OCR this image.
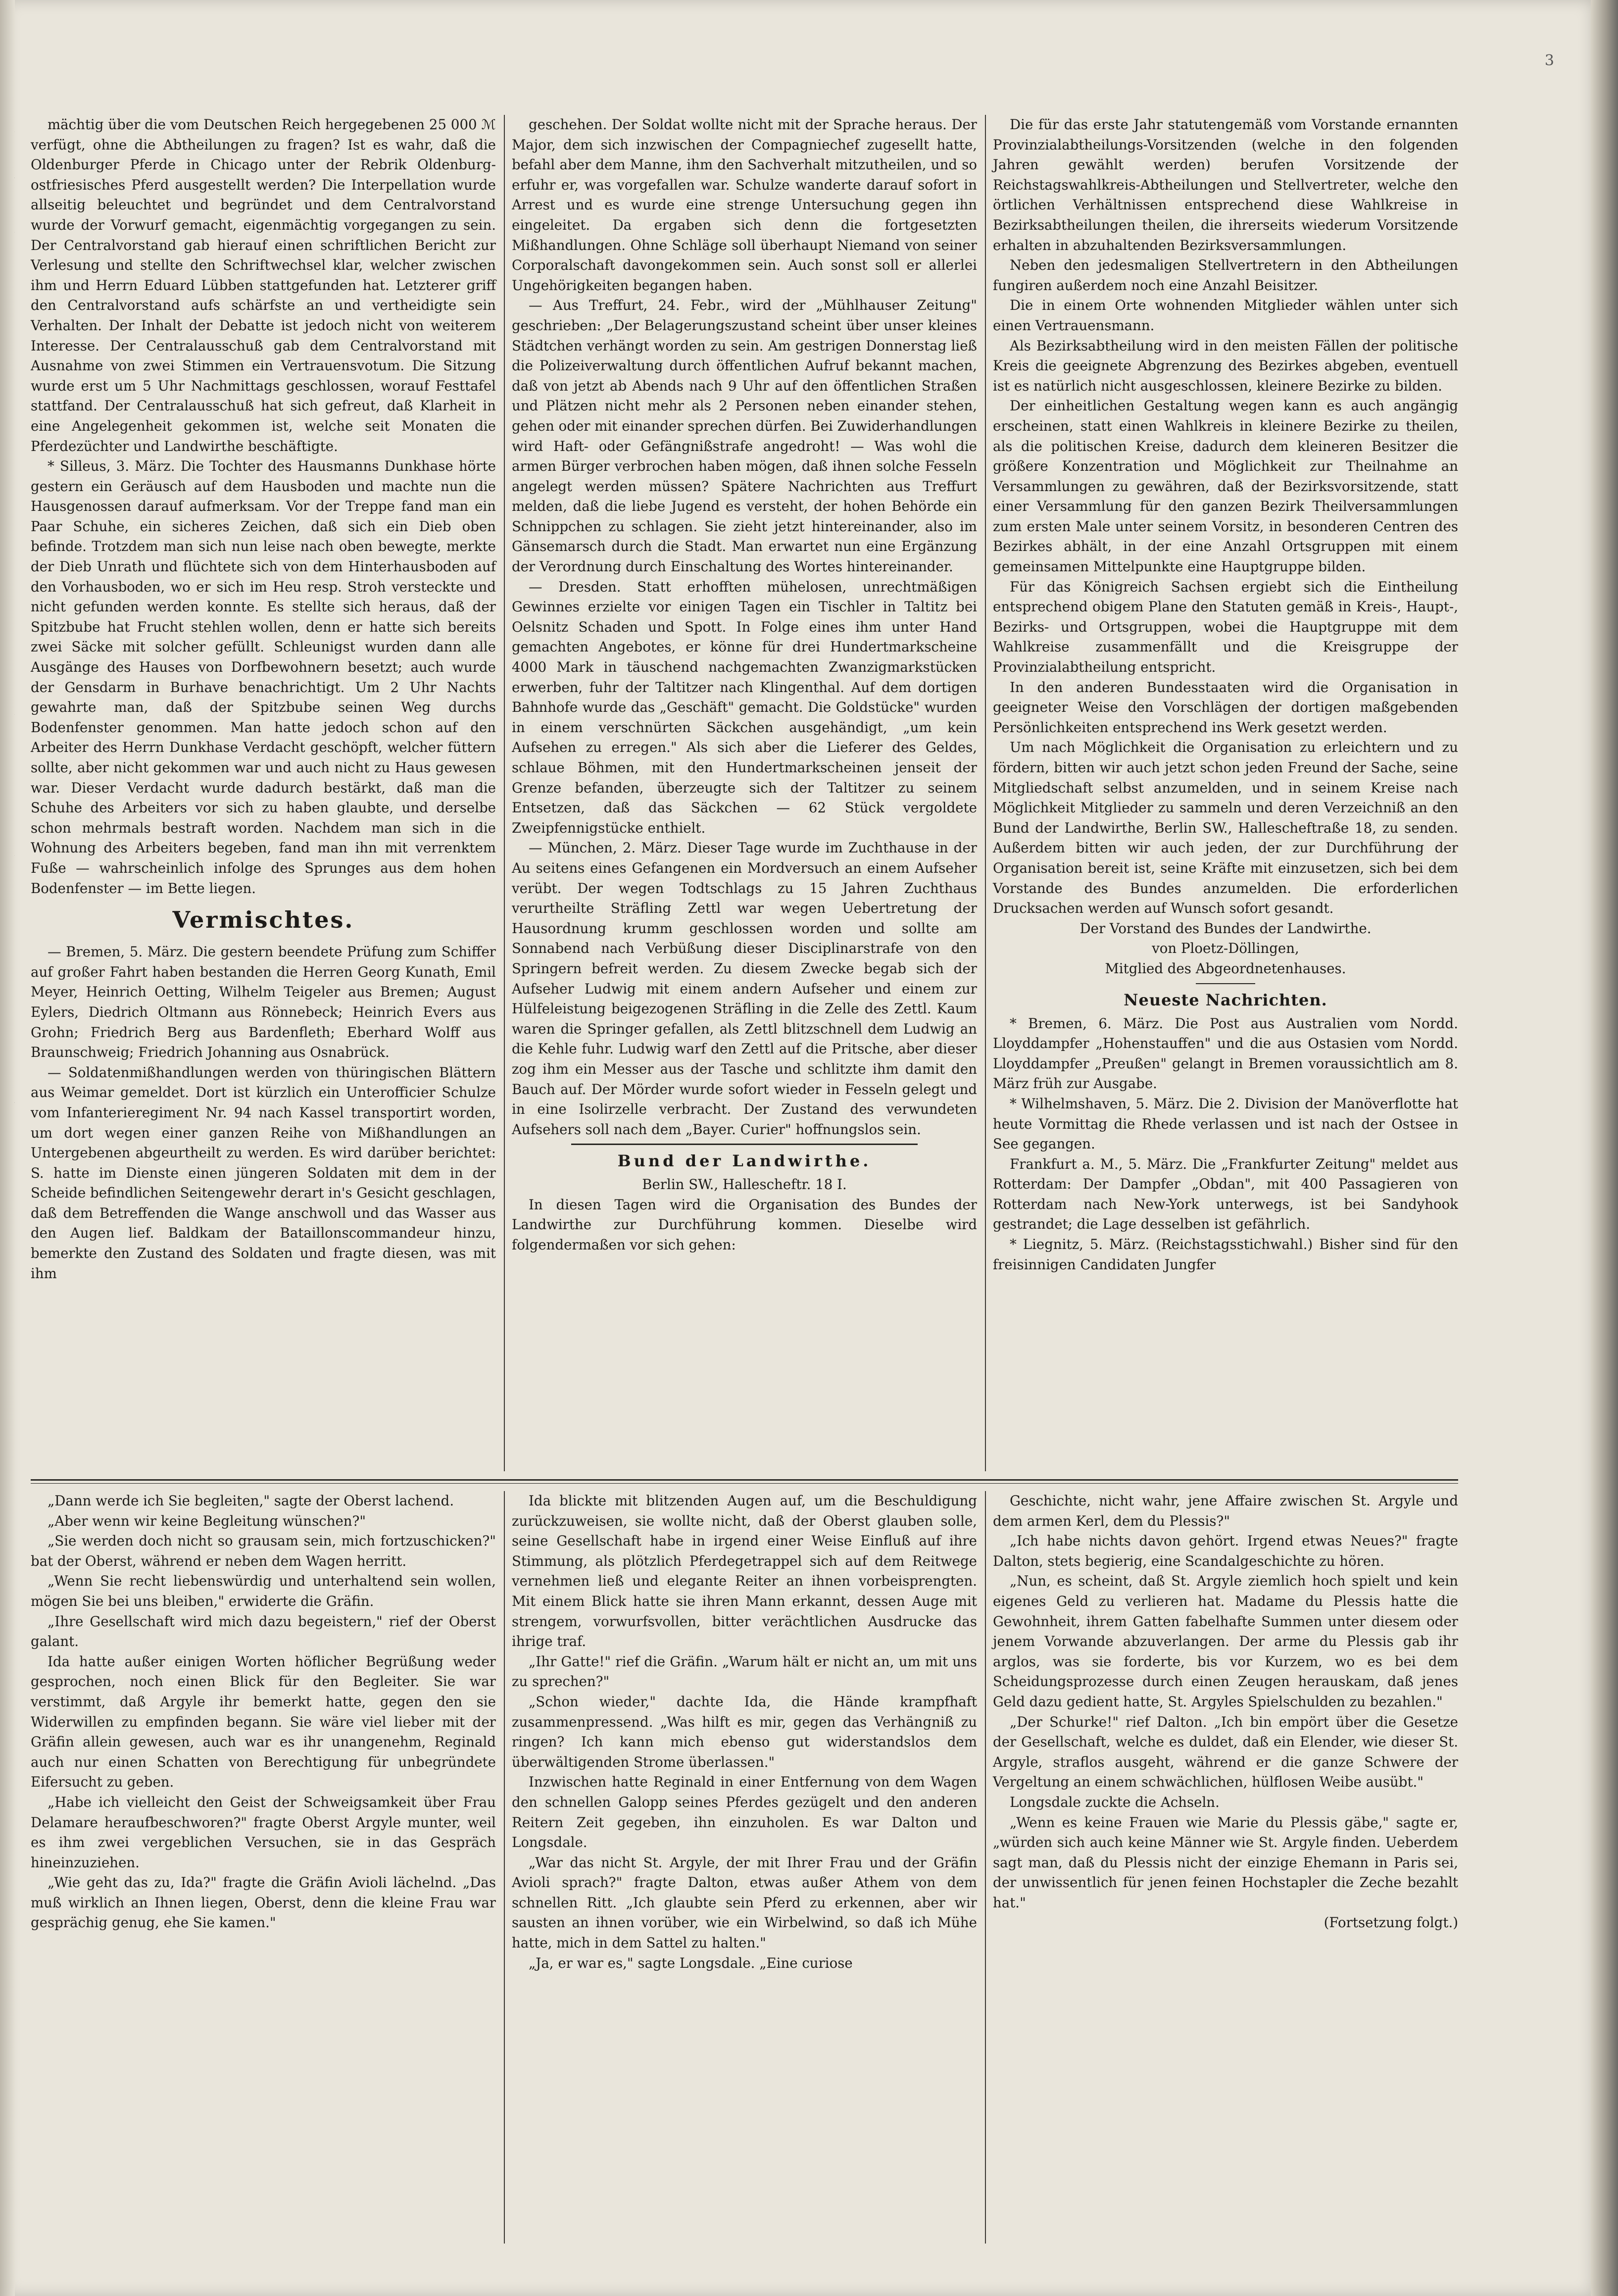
3

mächtig über die vom Deutschen Reich hergegebenen 25 000 ℳ verfügt, ohne die Abtheilungen zu fragen? Ist es wahr, daß die Oldenburger Pferde in Chicago unter der Rebrik Oldenburg-ostfriesisches Pferd ausgestellt werden? Die Interpellation wurde allseitig beleuchtet und begründet und dem Centralvorstand wurde der Vorwurf gemacht, eigenmächtig vorgegangen zu sein. Der Centralvorstand gab hierauf einen schriftlichen Bericht zur Verlesung und stellte den Schriftwechsel klar, welcher zwischen ihm und Herrn Eduard Lübben stattgefunden hat. Letzterer griff den Centralvorstand aufs schärfste an und vertheidigte sein Verhalten. Der Inhalt der Debatte ist jedoch nicht von weiterem Interesse. Der Centralausschuß gab dem Centralvorstand mit Ausnahme von zwei Stimmen ein Vertrauensvotum. Die Sitzung wurde erst um 5 Uhr Nachmittags geschlossen, worauf Festtafel stattfand. Der Centralausschuß hat sich gefreut, daß Klarheit in eine Angelegenheit gekommen ist, welche seit Monaten die Pferdezüchter und Landwirthe beschäftigte.

* Silleus, 3. März. Die Tochter des Hausmanns Dunkhase hörte gestern ein Geräusch auf dem Hausboden und machte nun die Hausgenossen darauf aufmerksam. Vor der Treppe fand man ein Paar Schuhe, ein sicheres Zeichen, daß sich ein Dieb oben befinde. Trotzdem man sich nun leise nach oben bewegte, merkte der Dieb Unrath und flüchtete sich von dem Hinterhausboden auf den Vorhausboden, wo er sich im Heu resp. Stroh versteckte und nicht gefunden werden konnte. Es stellte sich heraus, daß der Spitzbube hat Frucht stehlen wollen, denn er hatte sich bereits zwei Säcke mit solcher gefüllt. Schleunigst wurden dann alle Ausgänge des Hauses von Dorfbewohnern besetzt; auch wurde der Gensdarm in Burhave benachrichtigt. Um 2 Uhr Nachts gewahrte man, daß der Spitzbube seinen Weg durchs Bodenfenster genommen. Man hatte jedoch schon auf den Arbeiter des Herrn Dunkhase Verdacht geschöpft, welcher füttern sollte, aber nicht gekommen war und auch nicht zu Haus gewesen war. Dieser Verdacht wurde dadurch bestärkt, daß man die Schuhe des Arbeiters vor sich zu haben glaubte, und derselbe schon mehrmals bestraft worden. Nachdem man sich in die Wohnung des Arbeiters begeben, fand man ihn mit verrenktem Fuße — wahrscheinlich infolge des Sprunges aus dem hohen Bodenfenster — im Bette liegen.

Vermischtes.

— Bremen, 5. März. Die gestern beendete Prüfung zum Schiffer auf großer Fahrt haben bestanden die Herren Georg Kunath, Emil Meyer, Heinrich Oetting, Wilhelm Teigeler aus Bremen; August Eylers, Diedrich Oltmann aus Rönnebeck; Heinrich Evers aus Grohn; Friedrich Berg aus Bardenfleth; Eberhard Wolff aus Braunschweig; Friedrich Johanning aus Osnabrück.

— Soldatenmißhandlungen werden von thüringischen Blättern aus Weimar gemeldet. Dort ist kürzlich ein Unterofficier Schulze vom Infanterieregiment Nr. 94 nach Kassel transportirt worden, um dort wegen einer ganzen Reihe von Mißhandlungen an Untergebenen abgeurtheilt zu werden. Es wird darüber berichtet: S. hatte im Dienste einen jüngeren Soldaten mit dem in der Scheide befindlichen Seitengewehr derart in's Gesicht geschlagen, daß dem Betreffenden die Wange anschwoll und das Wasser aus den Augen lief. Baldkam der Bataillonscommandeur hinzu, bemerkte den Zustand des Soldaten und fragte diesen, was mit ihm

geschehen. Der Soldat wollte nicht mit der Sprache heraus. Der Major, dem sich inzwischen der Compagniechef zugesellt hatte, befahl aber dem Manne, ihm den Sachverhalt mitzutheilen, und so erfuhr er, was vorgefallen war. Schulze wanderte darauf sofort in Arrest und es wurde eine strenge Untersuchung gegen ihn eingeleitet. Da ergaben sich denn die fortgesetzten Mißhandlungen. Ohne Schläge soll überhaupt Niemand von seiner Corporalschaft davongekommen sein. Auch sonst soll er allerlei Ungehörigkeiten begangen haben.

— Aus Treffurt, 24. Febr., wird der „Mühlhauser Zeitung" geschrieben: „Der Belagerungszustand scheint über unser kleines Städtchen verhängt worden zu sein. Am gestrigen Donnerstag ließ die Polizeiverwaltung durch öffentlichen Aufruf bekannt machen, daß von jetzt ab Abends nach 9 Uhr auf den öffentlichen Straßen und Plätzen nicht mehr als 2 Personen neben einander stehen, gehen oder mit einander sprechen dürfen. Bei Zuwiderhandlungen wird Haft- oder Gefängnißstrafe angedroht! — Was wohl die armen Bürger verbrochen haben mögen, daß ihnen solche Fesseln angelegt werden müssen? Spätere Nachrichten aus Treffurt melden, daß die liebe Jugend es versteht, der hohen Behörde ein Schnippchen zu schlagen. Sie zieht jetzt hintereinander, also im Gänsemarsch durch die Stadt. Man erwartet nun eine Ergänzung der Verordnung durch Einschaltung des Wortes hintereinander.

— Dresden. Statt erhofften mühelosen, unrechtmäßigen Gewinnes erzielte vor einigen Tagen ein Tischler in Taltitz bei Oelsnitz Schaden und Spott. In Folge eines ihm unter Hand gemachten Angebotes, er könne für drei Hundertmarkscheine 4000 Mark in täuschend nachgemachten Zwanzigmarkstücken erwerben, fuhr der Taltitzer nach Klingenthal. Auf dem dortigen Bahnhofe wurde das „Geschäft" gemacht. Die Goldstücke" wurden in einem verschnürten Säckchen ausgehändigt, „um kein Aufsehen zu erregen." Als sich aber die Lieferer des Geldes, schlaue Böhmen, mit den Hundertmarkscheinen jenseit der Grenze befanden, überzeugte sich der Taltitzer zu seinem Entsetzen, daß das Säckchen — 62 Stück vergoldete Zweipfennigstücke enthielt.

— München, 2. März. Dieser Tage wurde im Zuchthause in der Au seitens eines Gefangenen ein Mordversuch an einem Aufseher verübt. Der wegen Todtschlags zu 15 Jahren Zuchthaus verurtheilte Sträfling Zettl war wegen Uebertretung der Hausordnung krumm geschlossen worden und sollte am Sonnabend nach Verbüßung dieser Disciplinarstrafe von den Springern befreit werden. Zu diesem Zwecke begab sich der Aufseher Ludwig mit einem andern Aufseher und einem zur Hülfeleistung beigezogenen Sträfling in die Zelle des Zettl. Kaum waren die Springer gefallen, als Zettl blitzschnell dem Ludwig an die Kehle fuhr. Ludwig warf den Zettl auf die Pritsche, aber dieser zog ihm ein Messer aus der Tasche und schlitzte ihm damit den Bauch auf. Der Mörder wurde sofort wieder in Fesseln gelegt und in eine Isolirzelle verbracht. Der Zustand des verwundeten Aufsehers soll nach dem „Bayer. Curier" hoffnungslos sein.

Bund der Landwirthe.

Berlin SW., Hallescheftr. 18 I.

In diesen Tagen wird die Organisation des Bundes der Landwirthe zur Durchführung kommen. Dieselbe wird folgendermaßen vor sich gehen:

Die für das erste Jahr statutengemäß vom Vorstande ernannten Provinzialabtheilungs-Vorsitzenden (welche in den folgenden Jahren gewählt werden) berufen Vorsitzende der Reichstagswahlkreis-Abtheilungen und Stellvertreter, welche den örtlichen Verhältnissen entsprechend diese Wahlkreise in Bezirksabtheilungen theilen, die ihrerseits wiederum Vorsitzende erhalten in abzuhaltenden Bezirksversammlungen.

Neben den jedesmaligen Stellvertretern in den Abtheilungen fungiren außerdem noch eine Anzahl Beisitzer.

Die in einem Orte wohnenden Mitglieder wählen unter sich einen Vertrauensmann.

Als Bezirksabtheilung wird in den meisten Fällen der politische Kreis die geeignete Abgrenzung des Bezirkes abgeben, eventuell ist es natürlich nicht ausgeschlossen, kleinere Bezirke zu bilden.

Der einheitlichen Gestaltung wegen kann es auch angängig erscheinen, statt einen Wahlkreis in kleinere Bezirke zu theilen, als die politischen Kreise, dadurch dem kleineren Besitzer die größere Konzentration und Möglichkeit zur Theilnahme an Versammlungen zu gewähren, daß der Bezirksvorsitzende, statt einer Versammlung für den ganzen Bezirk Theilversammlungen zum ersten Male unter seinem Vorsitz, in besonderen Centren des Bezirkes abhält, in der eine Anzahl Ortsgruppen mit einem gemeinsamen Mittelpunkte eine Hauptgruppe bilden.

Für das Königreich Sachsen ergiebt sich die Eintheilung entsprechend obigem Plane den Statuten gemäß in Kreis-, Haupt-, Bezirks- und Ortsgruppen, wobei die Hauptgruppe mit dem Wahlkreise zusammenfällt und die Kreisgruppe der Provinzialabtheilung entspricht.

In den anderen Bundesstaaten wird die Organisation in geeigneter Weise den Vorschlägen der dortigen maßgebenden Persönlichkeiten entsprechend ins Werk gesetzt werden.

Um nach Möglichkeit die Organisation zu erleichtern und zu fördern, bitten wir auch jetzt schon jeden Freund der Sache, seine Mitgliedschaft selbst anzumelden, und in seinem Kreise nach Möglichkeit Mitglieder zu sammeln und deren Verzeichniß an den Bund der Landwirthe, Berlin SW., Hallescheftraße 18, zu senden. Außerdem bitten wir auch jeden, der zur Durchführung der Organisation bereit ist, seine Kräfte mit einzusetzen, sich bei dem Vorstande des Bundes anzumelden. Die erforderlichen Drucksachen werden auf Wunsch sofort gesandt.

Der Vorstand des Bundes der Landwirthe.

von Ploetz-Döllingen,

Mitglied des Abgeordnetenhauses.

Neueste Nachrichten.

* Bremen, 6. März. Die Post aus Australien vom Nordd. Lloyddampfer „Hohenstauffen" und die aus Ostasien vom Nordd. Lloyddampfer „Preußen" gelangt in Bremen voraussichtlich am 8. März früh zur Ausgabe.

* Wilhelmshaven, 5. März. Die 2. Division der Manöverflotte hat heute Vormittag die Rhede verlassen und ist nach der Ostsee in See gegangen.

Frankfurt a. M., 5. März. Die „Frankfurter Zeitung" meldet aus Rotterdam: Der Dampfer „Obdan", mit 400 Passagieren von Rotterdam nach New-York unterwegs, ist bei Sandyhook gestrandet; die Lage desselben ist gefährlich.

* Liegnitz, 5. März. (Reichstagsstichwahl.) Bisher sind für den freisinnigen Candidaten Jungfer

„Dann werde ich Sie begleiten," sagte der Oberst lachend.

„Aber wenn wir keine Begleitung wünschen?"

„Sie werden doch nicht so grausam sein, mich fortzuschicken?" bat der Oberst, während er neben dem Wagen herritt.

„Wenn Sie recht liebenswürdig und unterhaltend sein wollen, mögen Sie bei uns bleiben," erwiderte die Gräfin.

„Ihre Gesellschaft wird mich dazu begeistern," rief der Oberst galant.

Ida hatte außer einigen Worten höflicher Begrüßung weder gesprochen, noch einen Blick für den Begleiter. Sie war verstimmt, daß Argyle ihr bemerkt hatte, gegen den sie Widerwillen zu empfinden begann. Sie wäre viel lieber mit der Gräfin allein gewesen, auch war es ihr unangenehm, Reginald auch nur einen Schatten von Berechtigung für unbegründete Eifersucht zu geben.

„Habe ich vielleicht den Geist der Schweigsamkeit über Frau Delamare heraufbeschworen?" fragte Oberst Argyle munter, weil es ihm zwei vergeblichen Versuchen, sie in das Gespräch hineinzuziehen.

„Wie geht das zu, Ida?" fragte die Gräfin Avioli lächelnd. „Das muß wirklich an Ihnen liegen, Oberst, denn die kleine Frau war gesprächig genug, ehe Sie kamen."

Ida blickte mit blitzenden Augen auf, um die Beschuldigung zurückzuweisen, sie wollte nicht, daß der Oberst glauben solle, seine Gesellschaft habe in irgend einer Weise Einfluß auf ihre Stimmung, als plötzlich Pferdegetrappel sich auf dem Reitwege vernehmen ließ und elegante Reiter an ihnen vorbeisprengten. Mit einem Blick hatte sie ihren Mann erkannt, dessen Auge mit strengem, vorwurfsvollen, bitter verächtlichen Ausdrucke das ihrige traf.

„Ihr Gatte!" rief die Gräfin. „Warum hält er nicht an, um mit uns zu sprechen?"

„Schon wieder," dachte Ida, die Hände krampfhaft zusammenpressend. „Was hilft es mir, gegen das Verhängniß zu ringen? Ich kann mich ebenso gut widerstandslos dem überwältigenden Strome überlassen."

Inzwischen hatte Reginald in einer Entfernung von dem Wagen den schnellen Galopp seines Pferdes gezügelt und den anderen Reitern Zeit gegeben, ihn einzuholen. Es war Dalton und Longsdale.

„War das nicht St. Argyle, der mit Ihrer Frau und der Gräfin Avioli sprach?" fragte Dalton, etwas außer Athem von dem schnellen Ritt. „Ich glaubte sein Pferd zu erkennen, aber wir sausten an ihnen vorüber, wie ein Wirbelwind, so daß ich Mühe hatte, mich in dem Sattel zu halten."

„Ja, er war es," sagte Longsdale. „Eine curiose

Geschichte, nicht wahr, jene Affaire zwischen St. Argyle und dem armen Kerl, dem du Plessis?"

„Ich habe nichts davon gehört. Irgend etwas Neues?" fragte Dalton, stets begierig, eine Scandalgeschichte zu hören.

„Nun, es scheint, daß St. Argyle ziemlich hoch spielt und kein eigenes Geld zu verlieren hat. Madame du Plessis hatte die Gewohnheit, ihrem Gatten fabelhafte Summen unter diesem oder jenem Vorwande abzuverlangen. Der arme du Plessis gab ihr arglos, was sie forderte, bis vor Kurzem, wo es bei dem Scheidungsprozesse durch einen Zeugen herauskam, daß jenes Geld dazu gedient hatte, St. Argyles Spielschulden zu bezahlen."

„Der Schurke!" rief Dalton. „Ich bin empört über die Gesetze der Gesellschaft, welche es duldet, daß ein Elender, wie dieser St. Argyle, straflos ausgeht, während er die ganze Schwere der Vergeltung an einem schwächlichen, hülflosen Weibe ausübt."

Longsdale zuckte die Achseln.

„Wenn es keine Frauen wie Marie du Plessis gäbe," sagte er, „würden sich auch keine Männer wie St. Argyle finden. Ueberdem sagt man, daß du Plessis nicht der einzige Ehemann in Paris sei, der unwissentlich für jenen feinen Hochstapler die Zeche bezahlt hat."

(Fortsetzung folgt.)
